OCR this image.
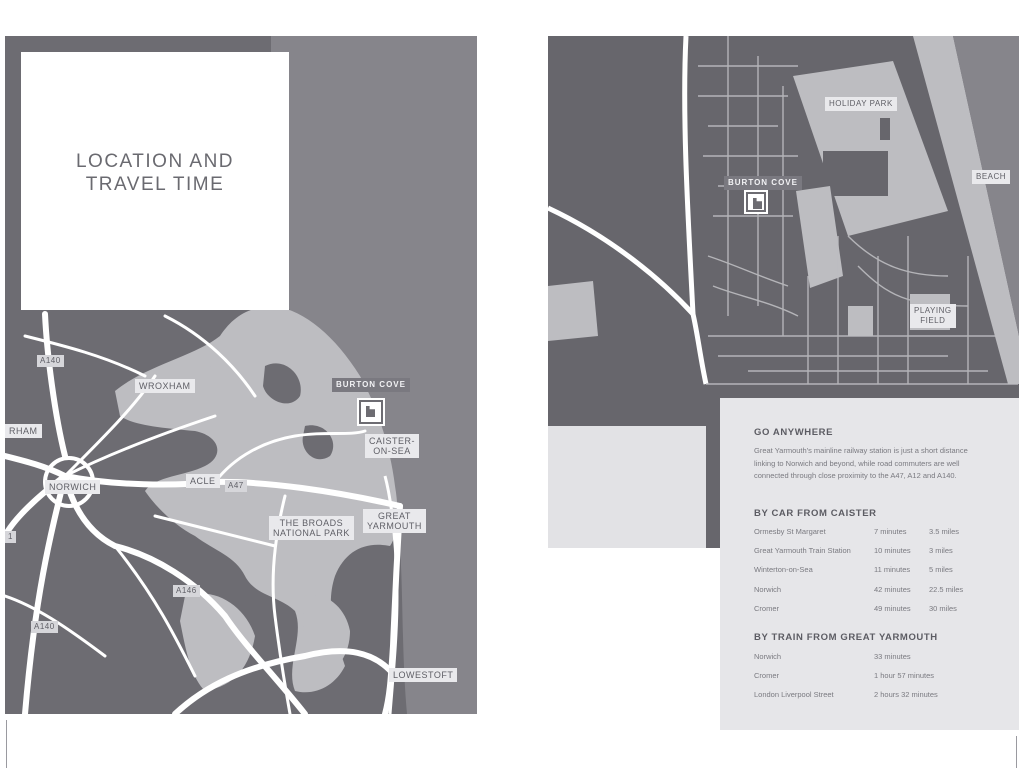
LOCATION AND
TRAVEL TIME
A140
WROXHAM	BURTON COVE
RHAM
CAISTER-
ON-SEA
NORWICH
ACLE	A47
THE BROADS
NATIONAL PARK
GREAT
YARMOUTH
1
A146
A140
LOWESTOFT
HOLIDAY PARK
BEACH
BURTON COVE
PLAYING
FIELD
GO ANYWHERE
Great Yarmouth's mainline railway station is just a short distance linking to Norwich and beyond, while road commuters are well connected through close proximity to the A47, A12 and A140.
BY CAR FROM CAISTER
Ormesby St Margaret	7 minutes	3.5 miles
Great Yarmouth Train Station	10 minutes 3 miles
Winterton-on-Sea	11 minutes	5 miles
Norwich	42 minutes 22.5 miles
Cromer	49 minutes 30 miles
BY TRAIN FROM GREAT YARMOUTH
Norwich	33 minutes
Cromer	1 hour 57 minutes
London Liverpool Street	2 hours 32 minutes
